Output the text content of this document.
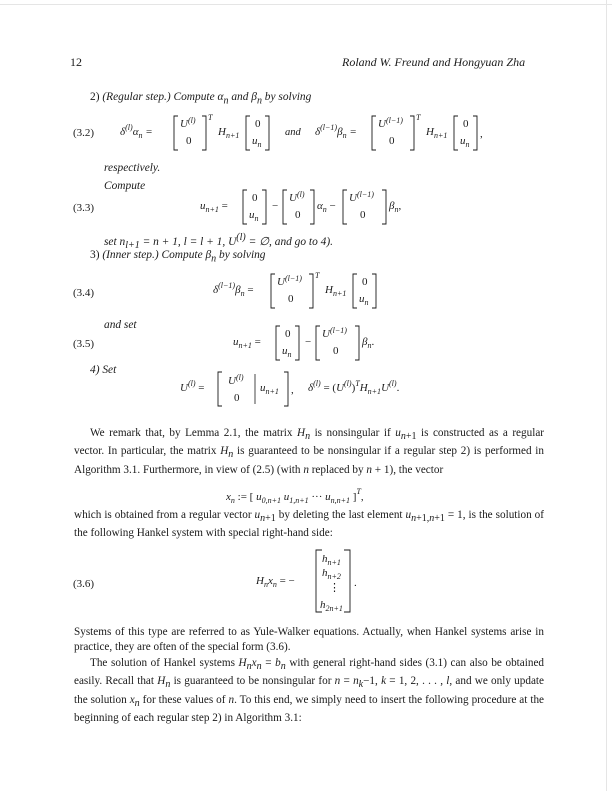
12	Roland W. Freund and Hongyuan Zha
2) (Regular step.) Compute $\alpha_n$ and $\beta_n$ by solving
(3.2) $\delta^{(l)}\alpha_n$ =
$U^{(l)}$
0
T
$H_{n+1}$
0
$u_n$
and $\delta^{(l-1)}\beta_n$ =
$U^{(l-1)}$
0
T
$H_{n+1}$
0
$u_n$
,
respectively.
Compute
(3.3)	$u_{n+1}$ =
0
$u_n$
−
$U^{(l)}$
0
$\alpha_n$ −
$U^{(l-1)}$
0
$\beta_n$,
set $n_{l+1} = n + 1$, l = l + 1, $U^{(l)}$ = ∅, and go to 4).
3) (Inner step.) Compute $\beta_n$ by solving
(3.4)	$\delta^{(l-1)}\beta_n$ =
$U^{(l-1)}$
0
T
$H_{n+1}$
0
$u_n$
and set
(3.5)	$u_{n+1}$ =
0
$u_n$
−
$U^{(l-1)}$
0
$\beta_n$.
4) Set
$U^{(l)}$ =
$U^{(l)}$
0
$u_{n+1}$ , $\delta^{(l)} = (U^{(l)})^TH_{n+1}U^{(l)}$.
We remark that, by Lemma 2.1, the matrix $H_n$ is nonsingular if $u_{n+1}$ is constructed as a regular vector. In particular, the matrix $H_n$ is guaranteed to be nonsingular if a regular step 2) is performed in Algorithm 3.1. Furthermore, in view of (2.5) (with n replaced by n + 1), the vector
$x_n$ := [ $u_{0,n+1}$ $u_{1,n+1}$ ··· $u_{n,n+1}$ ]$^T$,
which is obtained from a regular vector $u_{n+1}$ by deleting the last element $u_{n+1,n+1} = 1$, is the solution of the following Hankel system with special right-hand side:
(3.6)	$H_nx_n$ = −
$h_{n+1}$
$h_{n+2}$
⋮
$h_{2n+1}$
.
Systems of this type are referred to as Yule-Walker equations. Actually, when Hankel systems arise in practice, they are often of the special form (3.6).
The solution of Hankel systems $H_nx_n = b_n$ with general right-hand sides (3.1) can also be obtained easily. Recall that $H_n$ is guaranteed to be nonsingular for $n = n_k-1$, k = 1, 2, . . . , l, and we only update the solution $x_n$ for these values of n. To this end, we simply need to insert the following procedure at the beginning of each regular step 2) in Algorithm 3.1:
